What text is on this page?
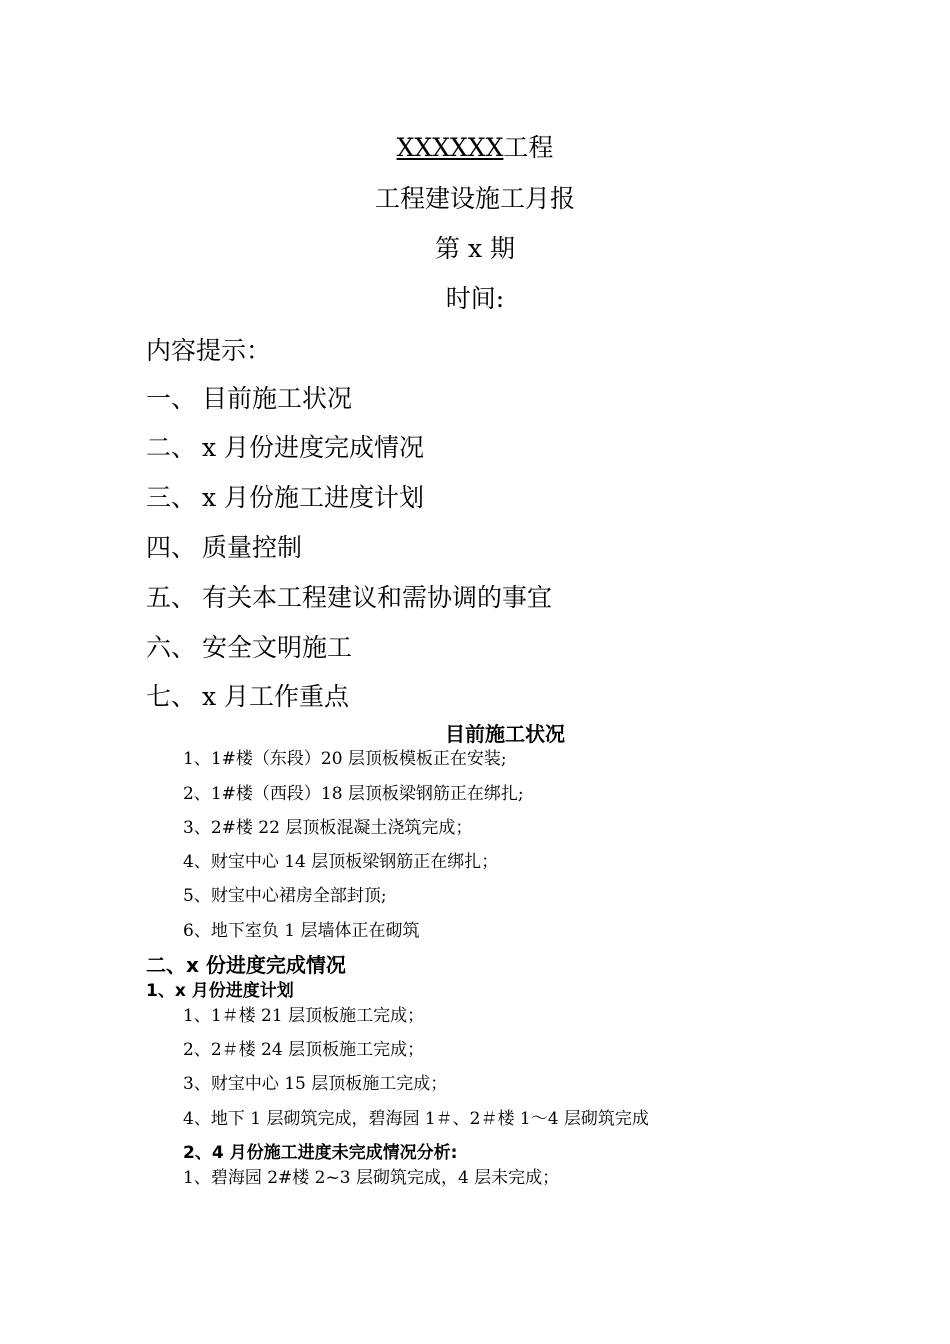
XXXXXX工程
工程建设施工月报
第 x 期
时间:
内容提示：
一、 目前施工状况
二、 x 月份进度完成情况
三、 x 月份施工进度计划
四、 质量控制
五、 有关本工程建议和需协调的事宜
六、 安全文明施工
七、 x 月工作重点
目前施工状况
1、1#楼（东段）20 层顶板模板正在安装;
2、1#楼（西段）18 层顶板梁钢筋正在绑扎;
3、2#楼 22 层顶板混凝土浇筑完成；
4、财宝中心 14 层顶板梁钢筋正在绑扎；
5、财宝中心裙房全部封顶;
6、地下室负 1 层墙体正在砌筑
二、x 份进度完成情况
1、x 月份进度计划
1、1＃楼 21 层顶板施工完成；
2、2＃楼 24 层顶板施工完成；
3、财宝中心 15 层顶板施工完成；
4、地下 1 层砌筑完成，碧海园 1＃、2＃楼 1～4 层砌筑完成
2、4 月份施工进度未完成情况分析:
1、碧海园 2#楼 2~3 层砌筑完成，4 层未完成；
